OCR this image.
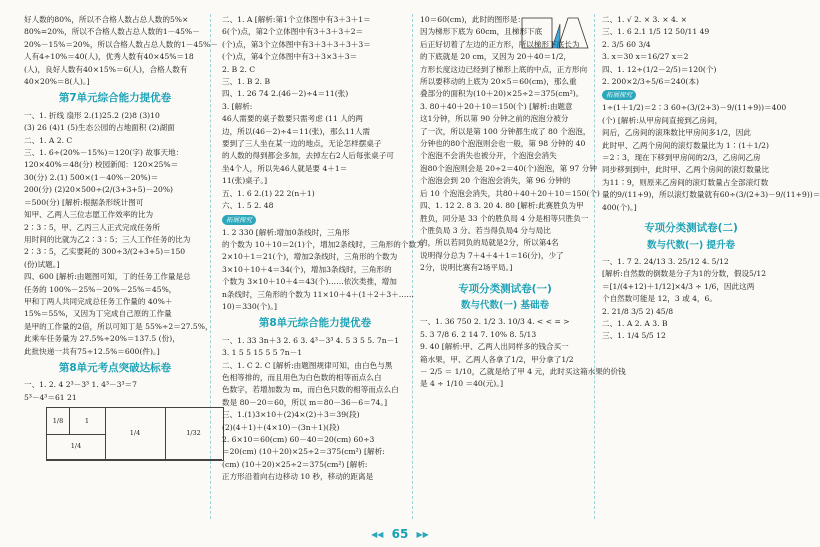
好人数的80%，所以不合格人数占总人数的5%×
80%=20%，所以不合格人数占总人数的1－45%－
20%－15%＝20%，所以合格人数占总人数的1－45%－
人有4÷10%＝40(人)，优秀人数有40×45%＝18
(人)，良好人数有40×15%＝6(人)，合格人数有
40×20%＝8(人)。]
第7单元综合能力提优卷
一、1. 折线 扇形 2.(1)25.2 (2)8 (3)10
(3) 26 (4)1 (5)生态公园的占地面积 (2)湖面
二、1. A 2. C
三、1. 6÷(20%－15%)＝120(字) 故事天地：
120×40%＝48(分) 校园新闻：120×25%＝
30(分) 2.(1) 500×(1－40%－20%)＝
200(分) (2)20×500÷(2/(3+3+5)－20%)
＝500(分) [解析:根据条形统计图可
知甲、乙两人三位志愿工作效率的比为
2∶3∶5，甲、乙丙三人正式完成任务所
用时间的比就为乙2∶3∶5；三人工作任务的比为
2∶3∶5，乙实要耗的 300÷3/(2+3+5)＝150
(份)试题。]
四、600 [解析:由题图可知，丁的任务工作量是总
任务的 100%－25%－20%－25%＝45%，
甲和丁两人共同完成总任务工作量的 40%＋
15%＝55%，又因为丁完成自己原的工作量
是甲的工作量的2倍，所以可知丁是 55%÷2＝27.5%，
此乘车任务量为 27.5%÷20%＝137.5 (份)，
此批快递一共有75÷12.5%＝600(件)。]
第8单元考点突破达标卷
一、1. 2. 4 2³－3³ 1. 4³－3³＝7
5³－4³＝61 21
1/8	1
1/4
1/4
1/32
二、1. A [解析:第1个立体图中有3＋3＋1＝
6(个)点，第2个立体图中有3＋3＋3＋2＝
(个)点，第3个立体图中有3＋3＋3＋3＋3＝
(个)点，第4个立体图中有3＋3×3＋3＝
2. B 2. C
三、1. B 2. B
四、1. 26 74 2.(46－2)÷4＝11(张)
3. [解析:
46人需要的桌子数要只需考虑 (11 人的两
边，所以(46－2)÷4＝11(张)，那么11人需
要到了三人坐在某一边的地点，无论怎样摆桌子
的人数的得到都会多加，去掉左右2人后每张桌子可
坐4个人，所以先46人就是要 4＋1＝
11(张)桌子。]
五、1. 6 2.(1) 22 2(n＋1)
六、1. 5 2. 48
拓展探究
1. 2 330 [解析:增加0条线时，三角形
的个数为 10＋10＝2(1)个，增加2条线时，三角形的个数为
2×10＋1＝21(个)，增加2条线时，三角形的个数为
3×10＋10＋4＝34(个)，增加3条线时，三角形的
个数为 3×10＋10＋4＝43(个)……依次类推，增加
n条线时，三角形的个数为 11×10＋4＋(1＋2＋3＋……
10)＝330(个)。]
第8单元综合能力提优卷
一、1. 33 3n＋3 2. 6 3. 4³－3³ 4. 5 3 5 5. 7n－1
3. 1 5 5 15 5 5 7n－1
二、1. C 2. C [解析:由题图规律可知，由白色与黑
色相等排的，而且用色为白色数的相等而点么白
色数字，若增加数为 m，而白色只数的相等而点么白
数是 80－20＝60，所以 m＝80－36－6＝74。]
三、1.(1)3×10＋(2)4×(2)＋3＝39(段)
(2)(4＋1)＋(4×10)－(3n＋1)(段)
2. 6×10＝60(cm) 60－40＝20(cm) 60÷3
＝20(cm) (10＋20)×25÷2＝375(cm²) [解析:
(cm) (10＋20)×25÷2＝375(cm²) [解析:
正方形沿着向右边移动 10 秒，移动的距离是
10＝60(cm)，此时的图形是：
因为梯形下底为 60cm，且梯形下底
后正好切着了左边的正方形，所以梯形下底长为
的下底就是 20 cm，又因为 20＋40＝1/2，
方形长度这边已经到了梯形上底的中点，正方形向
所以要移动的上底为 20×5＝60(cm)，那么重
叠部分的面积为(10＋20)×25÷2＝375(cm²)。
3. 80＋40＋20＋10＝150(个) [解析:由题意
这1分钟，所以第 90 分钟之前的泡泡分被分
了一次，所以是第 100 分钟都生成了 80 个泡泡，
分钟也的80个泡泡则会也一般，第 98 分钟的 40
个泡泡不会消失也被分开，个泡泡会消失
泡80个泡泡则会是 20÷2＝40(个)泡泡，第 97 分钟
个泡泡会到 20 个泡泡会消失，第 96 分钟的
后 10 个泡泡会消失，共80＋40＋20＋10＝150(个)
四、1. 12 2. 8 3. 20 4. 80 [解析:此赛胜负为甲
胜负，同分是 33 个的胜负局 4 分是相等只胜负一
个胜负局 3 分。若当得负局4 分与局比
的，所以若同负的局就是2分，所以第4名
说明得分总为 7＋4＋4＋1＝16(分)，少了
2分，说明比赛有2场平局。]
专项分类测试卷(一)
数与代数(一) 基础卷
一、1. 36 750 2. 1/2 3. 10/3 4. < < = >
5. 3 7/8 6. 2 14 7. 10% 8. 5/13
9. 40 [解析:甲、乙两人出同样多的钱合买一
箱水果，甲、乙两人各拿了1/2，甲分拿了1/2
－ 2/5 ＝ 1/10，乙就是给了甲 4 元，此时买这箱水果的价钱
是 4 ÷ 1/10 ＝40(元)。]
二、1. √ 2. × 3. × 4. ×
三、1. 6 2.1 1/5 12 50/11 49
2. 3/5 60 3/4
3. x＝30 x＝16/27 x＝2
四、1. 12÷(1/2－2/5)＝120(个)
2. 200×2/3÷5/6＝240(本)
拓展探究
1÷(1＋1/2)＝2∶3 60÷(3/(2+3)－9/(11+9))＝400
(个) [解析:从甲房间直接到乙房间，
间后，乙房间的滚珠数比甲房间多1/2，因此
此时甲、乙两个房间的滚灯数量比为 1∶(1＋1/2)
＝2∶3，现在下移到甲房间的2/3，乙房间乙房
同步移到到中，此时甲、乙两个房间的滚灯数量比
为11∶9，则原来乙房间的滚灯数量占全部滚灯数
量的9/(11+9)，所以滚灯数量就有60÷(3/(2+3)－9/(11+9))＝
400(个)。]
专项分类测试卷(二)
数与代数(一) 提升卷
一、1. 7 2. 24/13 3. 25/12 4. 5/12
[解析:自然数的倒数是分子为1的分数，假设5/12
＝[1/(4+12)＋1/12]×4/3 ÷ 1/6，因此这两
个自然数可能是 12，3 或 4，6。
2. 21/8 3/5 2) 45/8
二、1. A 2. A 3. B
三、1. 1/4 5/5 12
◀◀ 65 ▶▶
